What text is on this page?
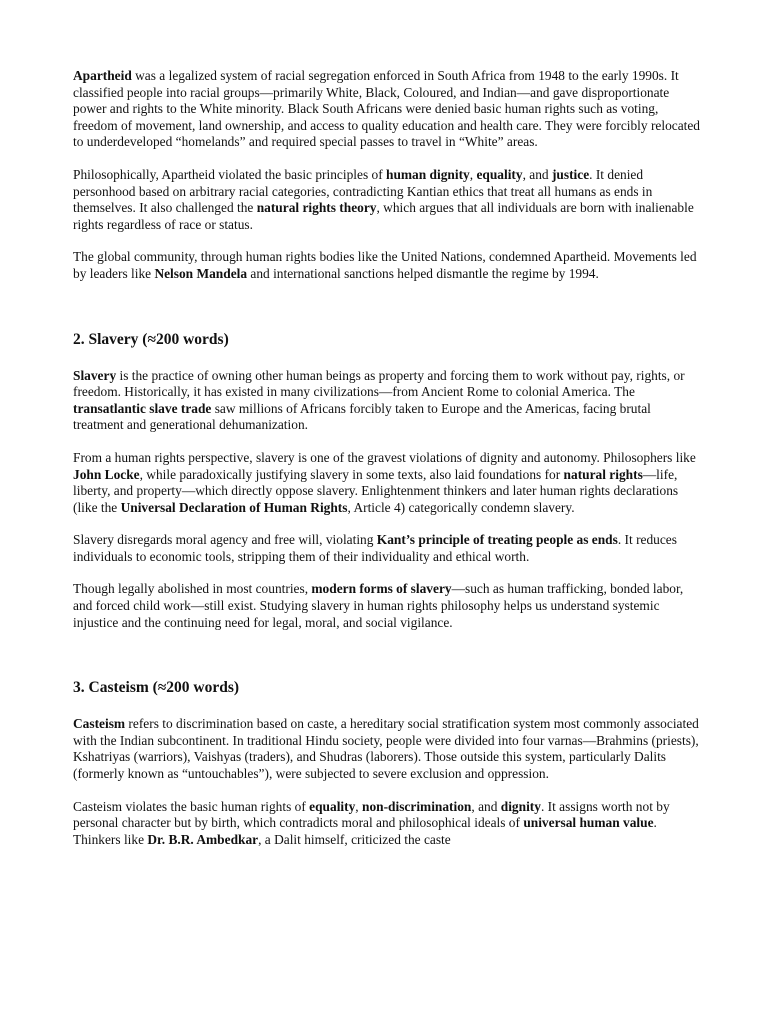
Apartheid was a legalized system of racial segregation enforced in South Africa from 1948 to the early 1990s. It classified people into racial groups—primarily White, Black, Coloured, and Indian—and gave disproportionate power and rights to the White minority. Black South Africans were denied basic human rights such as voting, freedom of movement, land ownership, and access to quality education and health care. They were forcibly relocated to underdeveloped “homelands” and required special passes to travel in “White” areas.

Philosophically, Apartheid violated the basic principles of human dignity, equality, and justice. It denied personhood based on arbitrary racial categories, contradicting Kantian ethics that treat all humans as ends in themselves. It also challenged the natural rights theory, which argues that all individuals are born with inalienable rights regardless of race or status.

The global community, through human rights bodies like the United Nations, condemned Apartheid. Movements led by leaders like Nelson Mandela and international sanctions helped dismantle the regime by 1994.

2. Slavery (≈200 words)

Slavery is the practice of owning other human beings as property and forcing them to work without pay, rights, or freedom. Historically, it has existed in many civilizations—from Ancient Rome to colonial America. The transatlantic slave trade saw millions of Africans forcibly taken to Europe and the Americas, facing brutal treatment and generational dehumanization.

From a human rights perspective, slavery is one of the gravest violations of dignity and autonomy. Philosophers like John Locke, while paradoxically justifying slavery in some texts, also laid foundations for natural rights—life, liberty, and property—which directly oppose slavery. Enlightenment thinkers and later human rights declarations (like the Universal Declaration of Human Rights, Article 4) categorically condemn slavery.

Slavery disregards moral agency and free will, violating Kant’s principle of treating people as ends. It reduces individuals to economic tools, stripping them of their individuality and ethical worth.

Though legally abolished in most countries, modern forms of slavery—such as human trafficking, bonded labor, and forced child work—still exist. Studying slavery in human rights philosophy helps us understand systemic injustice and the continuing need for legal, moral, and social vigilance.

3. Casteism (≈200 words)

Casteism refers to discrimination based on caste, a hereditary social stratification system most commonly associated with the Indian subcontinent. In traditional Hindu society, people were divided into four varnas—Brahmins (priests), Kshatriyas (warriors), Vaishyas (traders), and Shudras (laborers). Those outside this system, particularly Dalits (formerly known as “untouchables”), were subjected to severe exclusion and oppression.

Casteism violates the basic human rights of equality, non-discrimination, and dignity. It assigns worth not by personal character but by birth, which contradicts moral and philosophical ideals of universal human value. Thinkers like Dr. B.R. Ambedkar, a Dalit himself, criticized the caste
